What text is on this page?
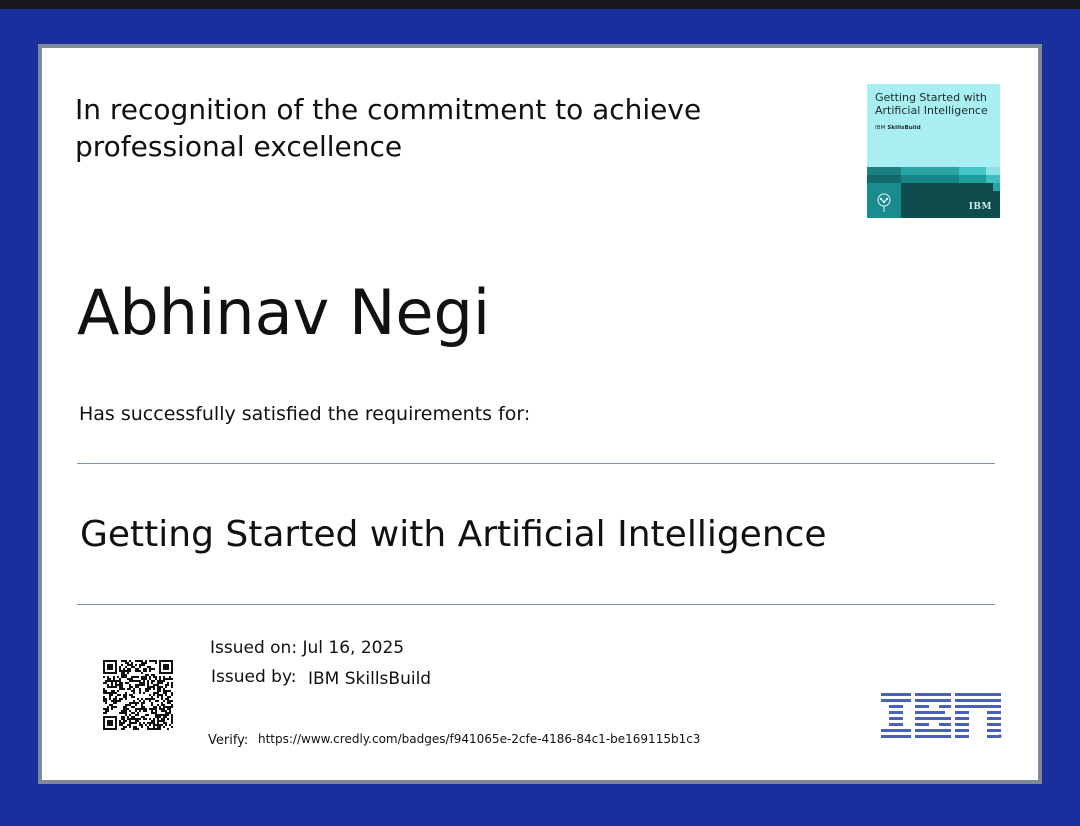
In recognition of the commitment to achieve professional excellence
Getting Started with Artificial Intelligence
IBM SkillsBuild
IBM
Abhinav Negi
Has successfully satisfied the requirements for:
Getting Started with Artificial Intelligence
Issued on: Jul 16, 2025
Issued by: IBM SkillsBuild
Verify: https://www.credly.com/badges/f941065e-2cfe-4186-84c1-be169115b1c3
